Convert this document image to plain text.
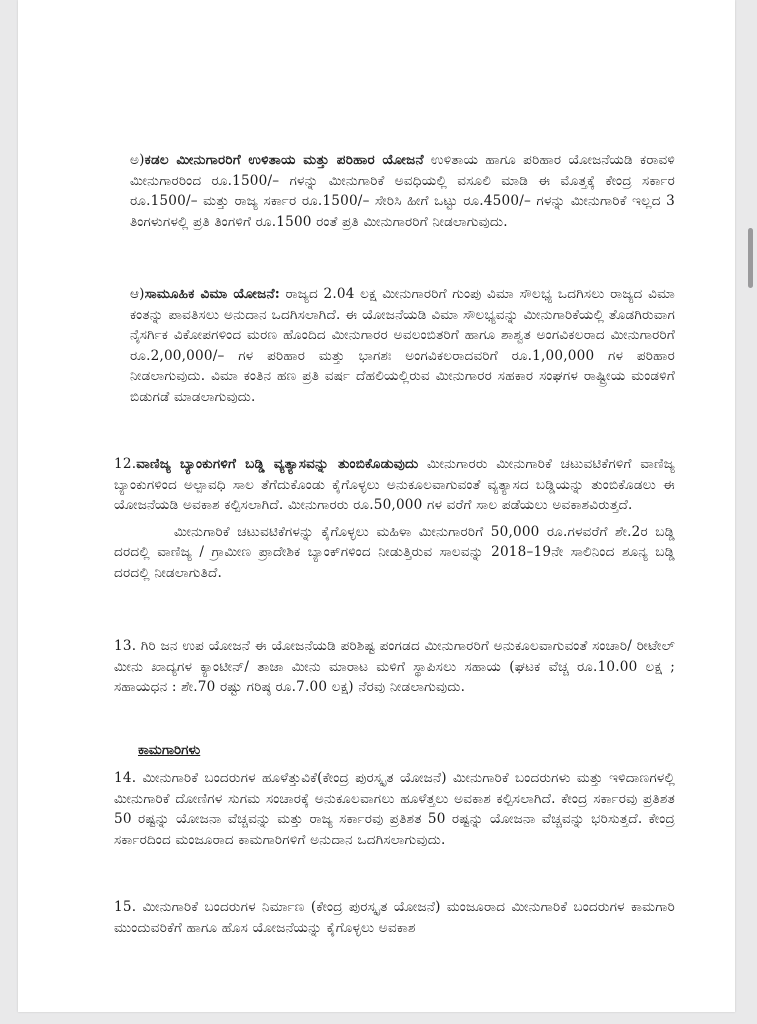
ಅ)ಕಡಲ ಮೀನುಗಾರರಿಗೆ ಉಳಿತಾಯ ಮತ್ತು ಪರಿಹಾರ ಯೋಜನೆ ಉಳಿತಾಯ ಹಾಗೂ ಪರಿಹಾರ ಯೋಜನೆಯಡಿ ಕರಾವಳಿ ಮೀನುಗಾರರಿಂದ ರೂ.1500/– ಗಳನ್ನು ಮೀನುಗಾರಿಕೆ ಅವಧಿಯಲ್ಲಿ ವಸೂಲಿ ಮಾಡಿ ಈ ಮೊತ್ತಕ್ಕೆ ಕೇಂದ್ರ ಸರ್ಕಾರ ರೂ.1500/– ಮತ್ತು ರಾಜ್ಯ ಸರ್ಕಾರ ರೂ.1500/– ಸೇರಿಸಿ ಹೀಗೆ ಒಟ್ಟು ರೂ.4500/– ಗಳನ್ನು ಮೀನುಗಾರಿಕೆ ಇಲ್ಲದ 3 ತಿಂಗಳುಗಳಲ್ಲಿ ಪ್ರತಿ ತಿಂಗಳಿಗೆ ರೂ.1500 ರಂತೆ ಪ್ರತಿ ಮೀನುಗಾರರಿಗೆ ನೀಡಲಾಗುವುದು.

ಆ)ಸಾಮೂಹಿಕ ವಿಮಾ ಯೋಜನೆ: ರಾಜ್ಯದ 2.04 ಲಕ್ಷ ಮೀನುಗಾರರಿಗೆ ಗುಂಪು ವಿಮಾ ಸೌಲಭ್ಯ ಒದಗಿಸಲು ರಾಜ್ಯದ ವಿಮಾ ಕಂತನ್ನು ಪಾವತಿಸಲು ಅನುದಾನ ಒದಗಿಸಲಾಗಿದೆ. ಈ ಯೋಜನೆಯಡಿ ವಿಮಾ ಸೌಲಭ್ಯವನ್ನು ಮೀನುಗಾರಿಕೆಯಲ್ಲಿ ತೊಡಗಿರುವಾಗ ನೈಸರ್ಗಿಕ ವಿಕೋಪಗಳಿಂದ ಮರಣ ಹೊಂದಿದ ಮೀನುಗಾರರ ಅವಲಂಬಿತರಿಗೆ ಹಾಗೂ ಶಾಶ್ವತ ಅಂಗವಿಕಲರಾದ ಮೀನುಗಾರರಿಗೆ ರೂ.2,00,000/– ಗಳ ಪರಿಹಾರ ಮತ್ತು ಭಾಗಶಃ ಅಂಗವಿಕಲರಾದವರಿಗೆ ರೂ.1,00,000 ಗಳ ಪರಿಹಾರ ನೀಡಲಾಗುವುದು. ವಿಮಾ ಕಂತಿನ ಹಣ ಪ್ರತಿ ವರ್ಷ ದೆಹಲಿಯಲ್ಲಿರುವ ಮೀನುಗಾರರ ಸಹಕಾರ ಸಂಘಗಳ ರಾಷ್ಟ್ರೀಯ ಮಂಡಳಿಗೆ ಬಿಡುಗಡೆ ಮಾಡಲಾಗುವುದು.

12.ವಾಣಿಜ್ಯ ಬ್ಯಾಂಕುಗಳಿಗೆ ಬಡ್ಡಿ ವ್ಯತ್ಯಾಸವನ್ನು ತುಂಬಿಕೊಡುವುದು ಮೀನುಗಾರರು ಮೀನುಗಾರಿಕೆ ಚಟುವಟಿಕೆಗಳಿಗೆ ವಾಣಿಜ್ಯ ಬ್ಯಾಂಕುಗಳಿಂದ ಅಲ್ಪಾವಧಿ ಸಾಲ ತೆಗೆದುಕೊಂಡು ಕೈಗೊಳ್ಳಲು ಅನುಕೂಲವಾಗುವಂತೆ ವ್ಯತ್ಯಾಸದ ಬಡ್ಡಿಯನ್ನು ತುಂಬಿಕೊಡಲು ಈ ಯೋಜನೆಯಡಿ ಅವಕಾಶ ಕಲ್ಪಿಸಲಾಗಿದೆ. ಮೀನುಗಾರರು ರೂ.50,000 ಗಳ ವರೆಗೆ ಸಾಲ ಪಡೆಯಲು ಅವಕಾಶವಿರುತ್ತದೆ.

ಮೀನುಗಾರಿಕೆ ಚಟುವಟಿಕೆಗಳನ್ನು ಕೈಗೊಳ್ಳಲು ಮಹಿಳಾ ಮೀನುಗಾರರಿಗೆ 50,000 ರೂ.ಗಳವರೆಗೆ ಶೇ.2ರ ಬಡ್ಡಿ ದರದಲ್ಲಿ ವಾಣಿಜ್ಯ / ಗ್ರಾಮೀಣ ಪ್ರಾದೇಶಿಕ ಬ್ಯಾಂಕ್‌ಗಳಿಂದ ನೀಡುತ್ತಿರುವ ಸಾಲವನ್ನು 2018–19ನೇ ಸಾಲಿನಿಂದ ಶೂನ್ಯ ಬಡ್ಡಿ ದರದಲ್ಲಿ ನೀಡಲಾಗುತಿದೆ.

13. ಗಿರಿ ಜನ ಉಪ ಯೋಜನೆ ಈ ಯೋಜನೆಯಡಿ ಪರಿಶಿಷ್ಟ ಪಂಗಡದ ಮೀನುಗಾರರಿಗೆ ಅನುಕೂಲವಾಗುವಂತೆ ಸಂಚಾರಿ/ ರೀಟೇಲ್ ಮೀನು ಖಾದ್ಯಗಳ ಕ್ಯಾಂಟೀನ್/ ತಾಜಾ ಮೀನು ಮಾರಾಟ ಮಳಿಗೆ ಸ್ಥಾಪಿಸಲು ಸಹಾಯ (ಘಟಕ ವೆಚ್ಚ ರೂ.10.00 ಲಕ್ಷ ; ಸಹಾಯಧನ : ಶೇ.70 ರಷ್ಟು ಗರಿಷ್ಠ ರೂ.7.00 ಲಕ್ಷ) ನೆರವು ನೀಡಲಾಗುವುದು.

ಕಾಮಗಾರಿಗಳು

14. ಮೀನುಗಾರಿಕೆ ಬಂದರುಗಳ ಹೂಳೆತ್ತುವಿಕೆ(ಕೇಂದ್ರ ಪುರಸ್ಕೃತ ಯೋಜನೆ) ಮೀನುಗಾರಿಕೆ ಬಂದರುಗಳು ಮತ್ತು ಇಳಿದಾಣಗಳಲ್ಲಿ ಮೀನುಗಾರಿಕೆ ದೋಣಿಗಳ ಸುಗಮ ಸಂಚಾರಕ್ಕೆ ಅನುಕೂಲವಾಗಲು ಹೂಳೆತ್ತಲು ಅವಕಾಶ ಕಲ್ಪಿಸಲಾಗಿದೆ. ಕೇಂದ್ರ ಸರ್ಕಾರವು ಪ್ರತಿಶತ 50 ರಷ್ಟನ್ನು ಯೋಜನಾ ವೆಚ್ಚವನ್ನು ಮತ್ತು ರಾಜ್ಯ ಸರ್ಕಾರವು ಪ್ರತಿಶತ 50 ರಷ್ಟನ್ನು ಯೋಜನಾ ವೆಚ್ಚವನ್ನು ಭರಿಸುತ್ತದೆ. ಕೇಂದ್ರ ಸರ್ಕಾರದಿಂದ ಮಂಜೂರಾದ ಕಾಮಗಾರಿಗಳಿಗೆ ಅನುದಾನ ಒದಗಿಸಲಾಗುವುದು.

15. ಮೀನುಗಾರಿಕೆ ಬಂದರುಗಳ ನಿರ್ಮಾಣ (ಕೇಂದ್ರ ಪುರಸ್ಕೃತ ಯೋಜನೆ) ಮಂಜೂರಾದ ಮೀನುಗಾರಿಕೆ ಬಂದರುಗಳ ಕಾಮಗಾರಿ ಮುಂದುವರಿಕೆಗೆ ಹಾಗೂ ಹೊಸ ಯೋಜನೆಯನ್ನು ಕೈಗೊಳ್ಳಲು ಅವಕಾಶ
